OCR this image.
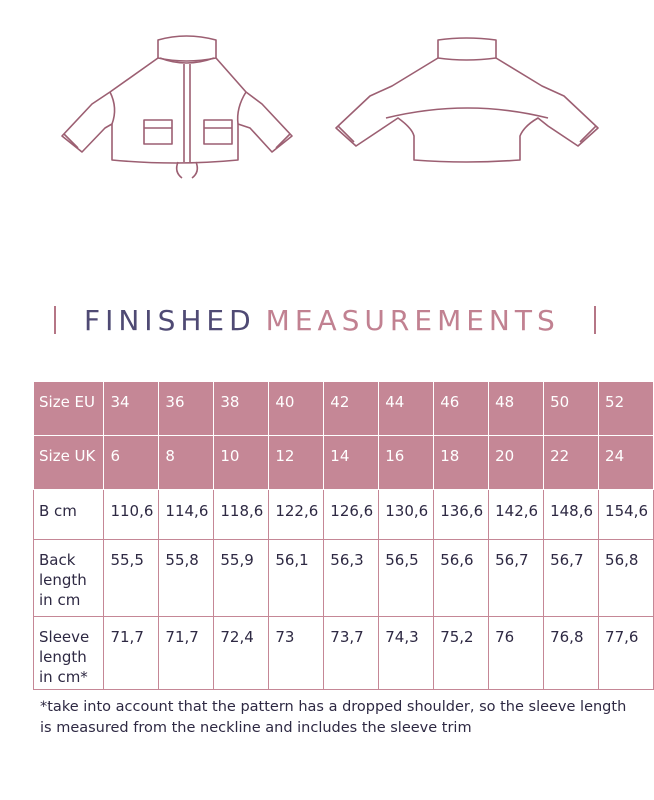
FINISHED MEASUREMENTS
Size EU	34	36	38	40	42	44	46	48	50	52
Size UK	6	8	10	12	14	16	18	20	22	24
B cm	110,6	114,6	118,6	122,6	126,6	130,6	136,6	142,6	148,6	154,6
Back length in cm	55,5	55,8	55,9	56,1	56,3	56,5	56,6	56,7	56,7	56,8
Sleeve length in cm*	71,7	71,7	72,4	73	73,7	74,3	75,2	76	76,8	77,6
*take into account that the pattern has a dropped shoulder, so the sleeve length is measured from the neckline and includes the sleeve trim
